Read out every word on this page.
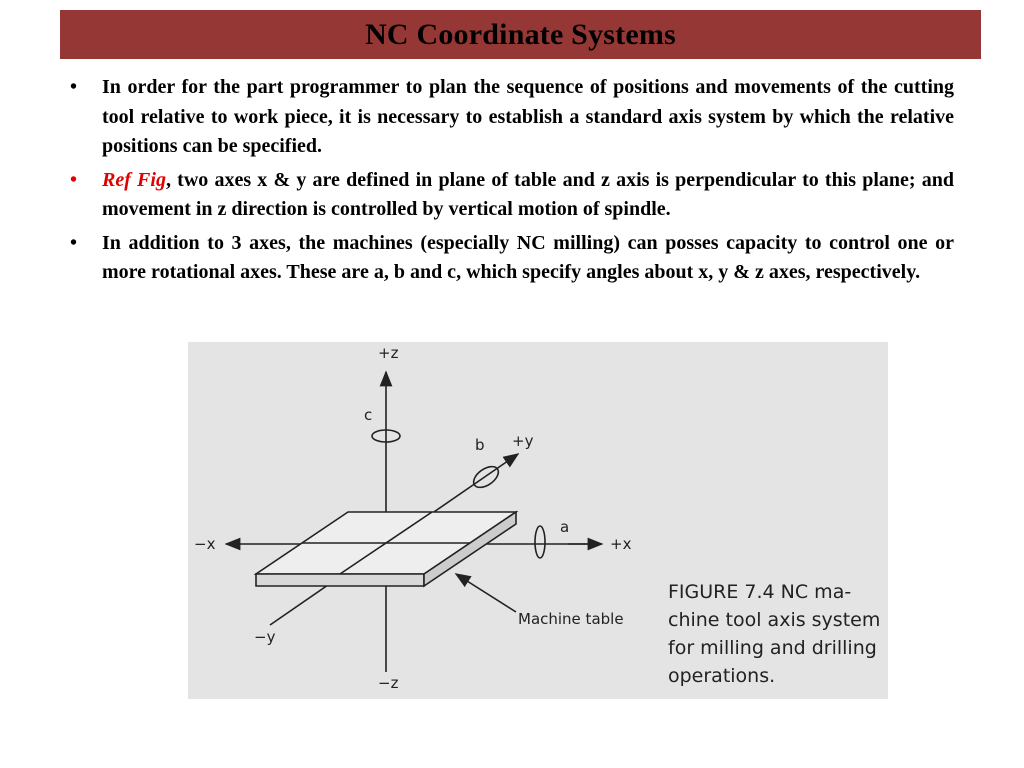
NC Coordinate Systems
• In order for the part programmer to plan the sequence of positions and movements of the cutting tool relative to work piece, it is necessary to establish a standard axis system by which the relative positions can be specified.
• Ref Fig, two axes x & y are defined in plane of table and z axis is perpendicular to this plane; and movement in z direction is controlled by vertical motion of spindle.
• In addition to 3 axes, the machines (especially NC milling) can posses capacity to control one or more rotational axes. These are a, b and c, which specify angles about x, y & z axes, respectively.
+z
−z
+x
−x
+y
−y
c
b
a
Machine table
FIGURE 7.4 NC ma-
chine tool axis system
for milling and drilling
operations.
